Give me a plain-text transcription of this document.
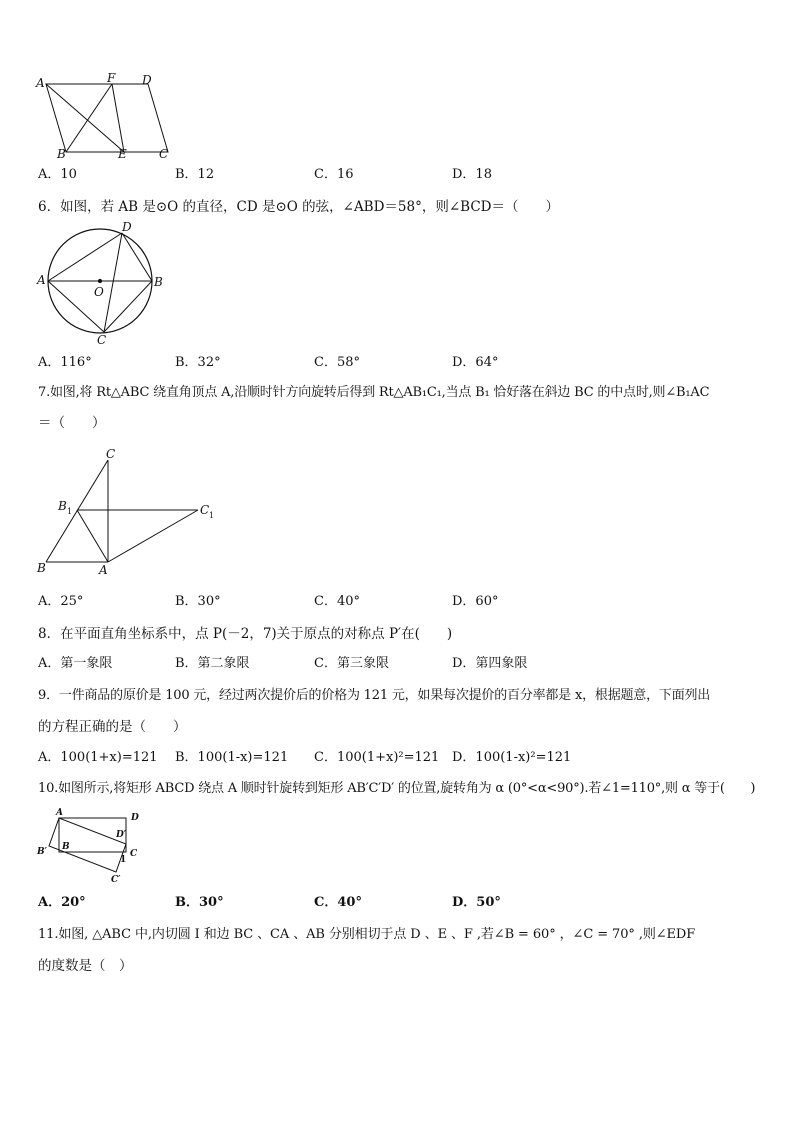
A	F D
B	E	C
A．10	B．12	C．16	D．18
6．如图，若 AB 是⊙O 的直径，CD 是⊙O 的弦，∠ABD＝58°，则∠BCD＝（　　）
A	B
D
C
O
A．116°	B．32°	C．58°	D．64°
7.如图,将 Rt△ABC 绕直角顶点 A,沿顺时针方向旋转后得到 Rt△AB₁C₁,当点 B₁ 恰好落在斜边 BC 的中点时,则∠B₁AC
＝（　　）
C
B 1	C 1
B	A
A．25°	B．30°	C．40°	D．60°
8．在平面直角坐标系中，点 P(－2，7)关于原点的对称点 P′在(　　)
A．第一象限	B．第二象限	C．第三象限	D．第四象限
9．一件商品的原价是 100 元，经过两次提价后的价格为 121 元，如果每次提价的百分率都是 x，根据题意，下面列出
的方程正确的是（　　）
A．100(1+x)=121 B．100(1-x)=121 C．100(1+x)²=121 D．100(1-x)²=121
10.如图所示,将矩形 ABCD 绕点 A 顺时针旋转到矩形 AB′C′D′ 的位置,旋转角为 α (0°<α<90°).若∠1=110°,则 α 等于(　　)
A	D
D′
B′ B
1
C
C′
A．20°	B．30°	C．40°	D．50°
11.如图, △ABC 中,内切圆 I 和边 BC 、CA 、AB 分别相切于点 D 、E 、F ,若∠B = 60° ，∠C = 70° ,则∠EDF
的度数是（　）
